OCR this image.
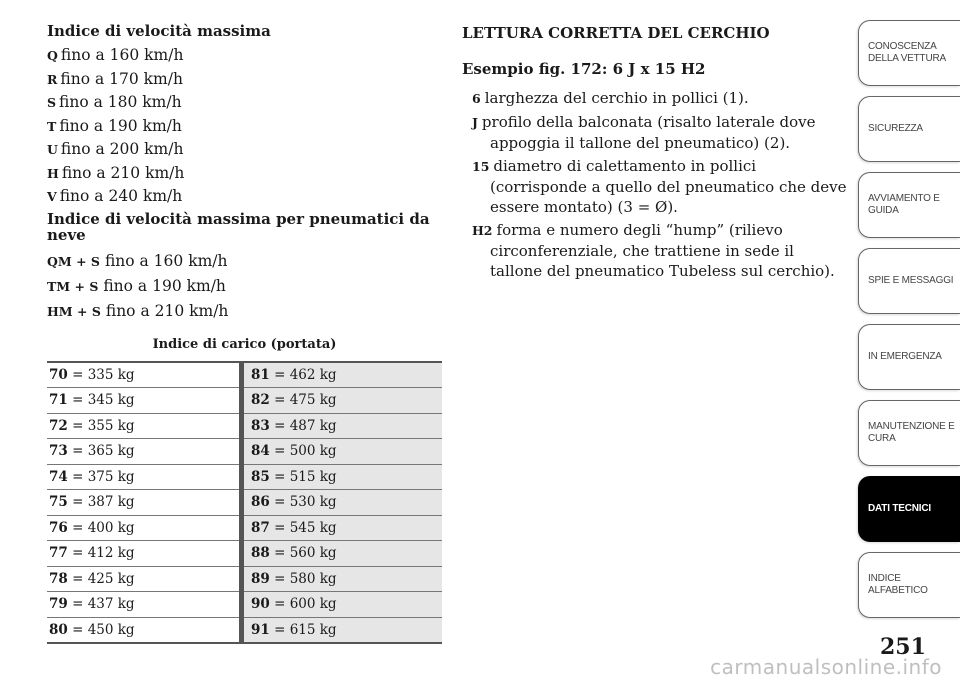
Indice di velocità massima
Q fino a 160 km/h
R fino a 170 km/h
S fino a 180 km/h
T fino a 190 km/h
U fino a 200 km/h
H fino a 210 km/h
V fino a 240 km/h
Indice di velocità massima per pneumatici da neve
QM + S fino a 160 km/h
TM + S fino a 190 km/h
HM + S fino a 210 km/h
Indice di carico (portata)
70 = 335 kg		81 = 462 kg
71 = 345 kg		82 = 475 kg
72 = 355 kg		83 = 487 kg
73 = 365 kg		84 = 500 kg
74 = 375 kg		85 = 515 kg
75 = 387 kg		86 = 530 kg
76 = 400 kg		87 = 545 kg
77 = 412 kg		88 = 560 kg
78 = 425 kg		89 = 580 kg
79 = 437 kg		90 = 600 kg
80 = 450 kg		91 = 615 kg
LETTURA CORRETTA DEL CERCHIO
Esempio fig. 172: 6 J x 15 H2
6 larghezza del cerchio in pollici (1).
J profilo della balconata (risalto laterale dove appoggia il tallone del pneumatico) (2).
15 diametro di calettamento in pollici (corrisponde a quello del pneumatico che deve essere montato) (3 = Ø).
H2 forma e numero degli “hump” (rilievo circonferenziale, che trattiene in sede il tallone del pneumatico Tubeless sul cerchio).
CONOSCENZA DELLA VETTURA
SICUREZZA
AVVIAMENTO E GUIDA
SPIE E MESSAGGI
IN EMERGENZA
MANUTENZIONE E CURA
DATI TECNICI
INDICE ALFABETICO
251
carmanualsonline.info
